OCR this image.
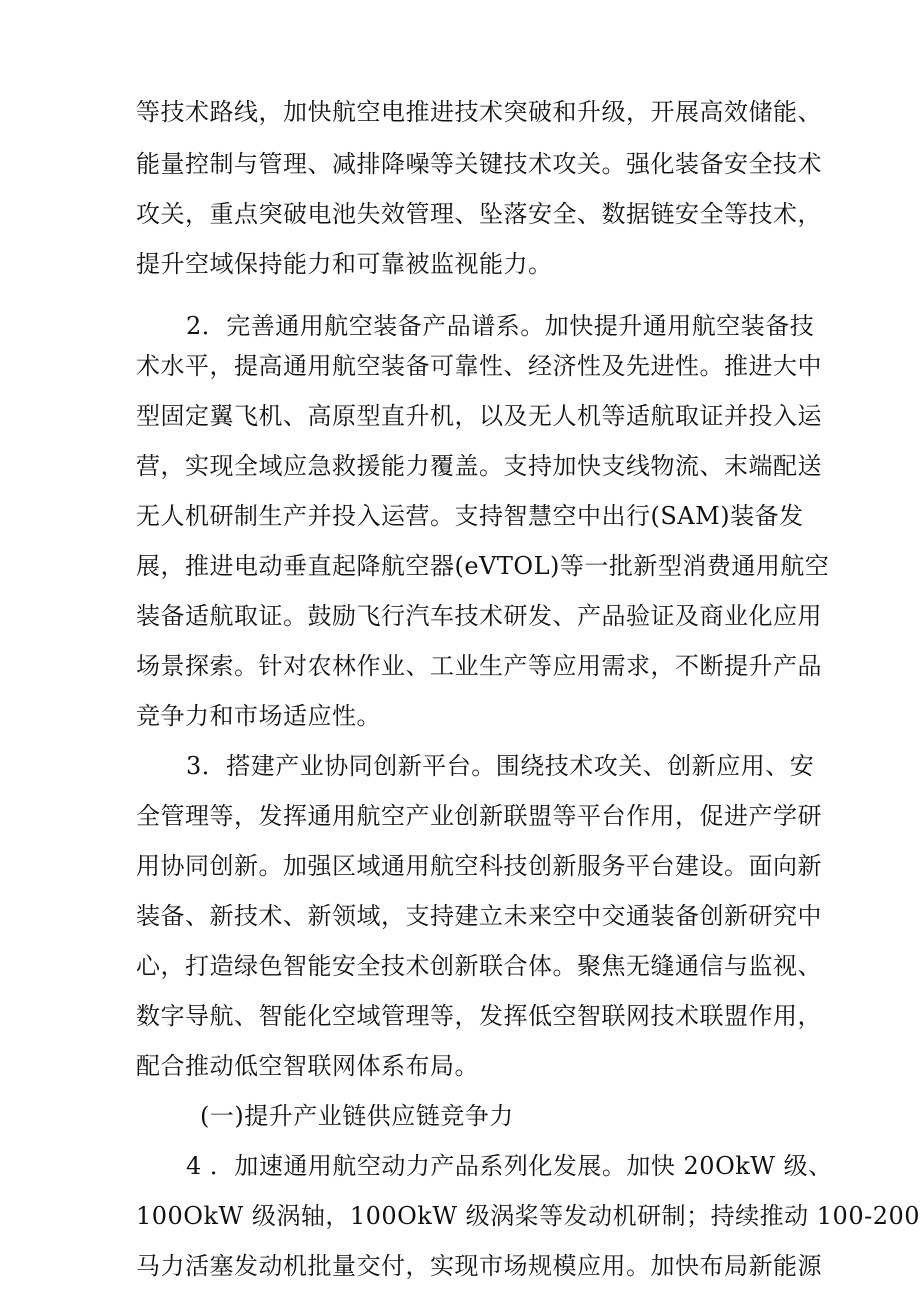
等技术路线，加快航空电推进技术突破和升级，开展高效储能、
能量控制与管理、减排降噪等关键技术攻关。强化装备安全技术
攻关，重点突破电池失效管理、坠落安全、数据链安全等技术，
提升空域保持能力和可靠被监视能力。
2．完善通用航空装备产品谱系。加快提升通用航空装备技
术水平，提高通用航空装备可靠性、经济性及先进性。推进大中
型固定翼飞机、高原型直升机，以及无人机等适航取证并投入运
营，实现全域应急救援能力覆盖。支持加快支线物流、末端配送
无人机研制生产并投入运营。支持智慧空中出行(SAM)装备发
展，推进电动垂直起降航空器(eVTOL)等一批新型消费通用航空
装备适航取证。鼓励飞行汽车技术研发、产品验证及商业化应用
场景探索。针对农林作业、工业生产等应用需求，不断提升产品
竞争力和市场适应性。
3．搭建产业协同创新平台。围绕技术攻关、创新应用、安
全管理等，发挥通用航空产业创新联盟等平台作用，促进产学研
用协同创新。加强区域通用航空科技创新服务平台建设。面向新
装备、新技术、新领域，支持建立未来空中交通装备创新研究中
心，打造绿色智能安全技术创新联合体。聚焦无缝通信与监视、
数字导航、智能化空域管理等，发挥低空智联网技术联盟作用，
配合推动低空智联网体系布局。
(一)提升产业链供应链竞争力
4 ．加速通用航空动力产品系列化发展。加快 20OkW 级、
100OkW 级涡轴，100OkW 级涡桨等发动机研制；持续推动 100-200
马力活塞发动机批量交付，实现市场规模应用。加快布局新能源
